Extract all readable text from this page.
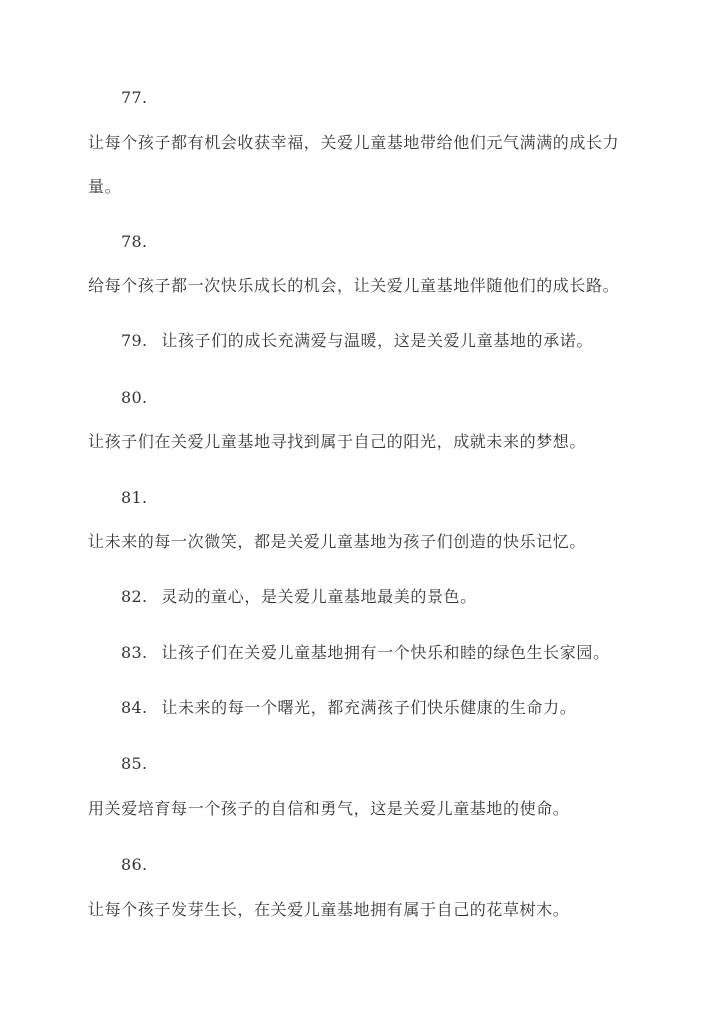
77.
让每个孩子都有机会收获幸福，关爱儿童基地带给他们元气满满的成长力
量。
78.
给每个孩子都一次快乐成长的机会，让关爱儿童基地伴随他们的成长路。
79. 让孩子们的成长充满爱与温暖，这是关爱儿童基地的承诺。
80.
让孩子们在关爱儿童基地寻找到属于自己的阳光，成就未来的梦想。
81.
让未来的每一次微笑，都是关爱儿童基地为孩子们创造的快乐记忆。
82. 灵动的童心，是关爱儿童基地最美的景色。
83. 让孩子们在关爱儿童基地拥有一个快乐和睦的绿色生长家园。
84. 让未来的每一个曙光，都充满孩子们快乐健康的生命力。
85.
用关爱培育每一个孩子的自信和勇气，这是关爱儿童基地的使命。
86.
让每个孩子发芽生长，在关爱儿童基地拥有属于自己的花草树木。
